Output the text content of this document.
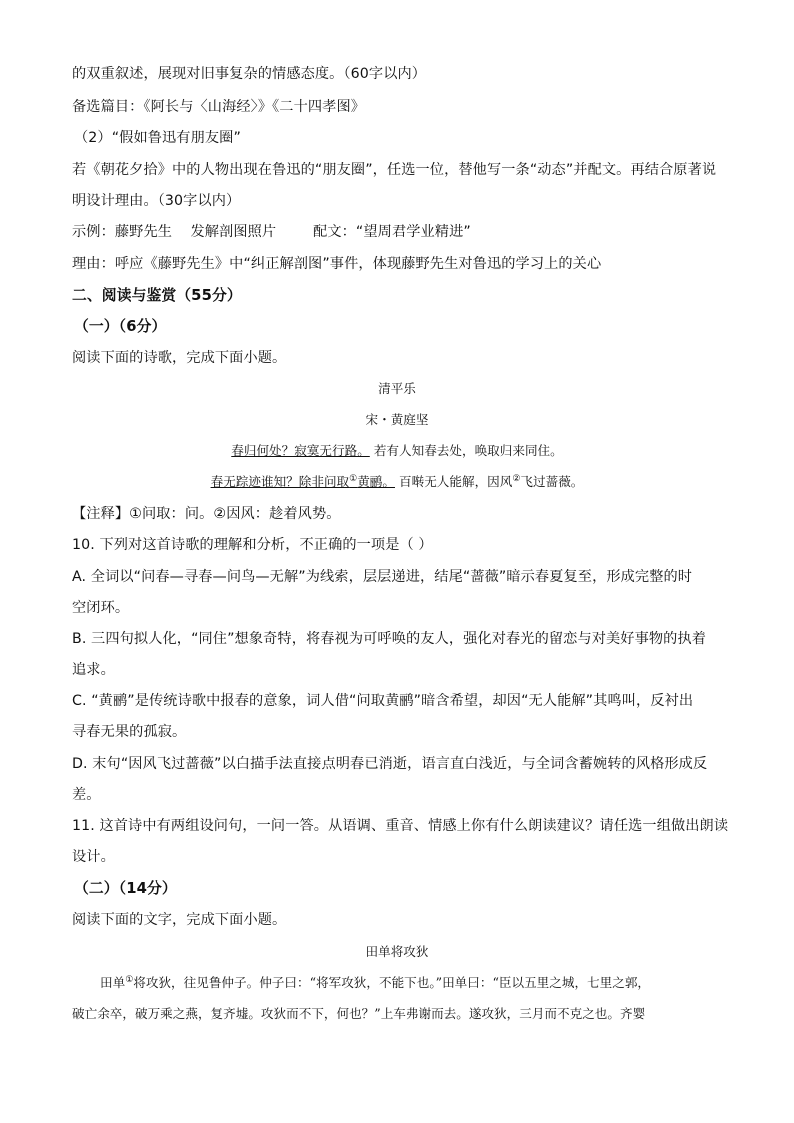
的双重叙述，展现对旧事复杂的情感态度。（60字以内）
备选篇目：《阿长与〈山海经〉》《二十四孝图》
（2）“假如鲁迅有朋友圈”
若《朝花夕拾》中的人物出现在鲁迅的“朋友圈”，任选一位，替他写一条“动态”并配文。再结合原著说
明设计理由。（30字以内）
示例：藤野先生    发解剖图照片        配文：“望周君学业精进”
理由：呼应《藤野先生》中“纠正解剖图”事件，体现藤野先生对鲁迅的学习上的关心
二、阅读与鉴赏（55分）
（一）（6分）
阅读下面的诗歌，完成下面小题。
清平乐
宋・黄庭坚
春归何处？寂寞无行路。 若有人知春去处，唤取归来同住。
春无踪迹谁知？除非问取①黄鹂。 百啭无人能解，因风②飞过蔷薇。
【注释】①问取：问。②因风：趁着风势。
10. 下列对这首诗歌的理解和分析，不正确的一项是（ ）
A. 全词以“问春—寻春—问鸟—无解”为线索，层层递进，结尾“蔷薇”暗示春夏复至，形成完整的时
空闭环。
B. 三四句拟人化，“同住”想象奇特，将春视为可呼唤的友人，强化对春光的留恋与对美好事物的执着
追求。
C. “黄鹂”是传统诗歌中报春的意象，词人借“问取黄鹂”暗含希望，却因“无人能解”其鸣叫，反衬出
寻春无果的孤寂。
D. 末句“因风飞过蔷薇”以白描手法直接点明春已消逝，语言直白浅近，与全词含蓄婉转的风格形成反
差。
11. 这首诗中有两组设问句，一问一答。从语调、重音、情感上你有什么朗读建议？请任选一组做出朗读
设计。
（二）（14分）
阅读下面的文字，完成下面小题。
田单将攻狄
田单①将攻狄，往见鲁仲子。仲子曰：“将军攻狄，不能下也。”田单曰：“臣以五里之城，七里之郭，
破亡余卒，破万乘之燕，复齐墟。攻狄而不下，何也？”上车弗谢而去。遂攻狄，三月而不克之也。齐婴
